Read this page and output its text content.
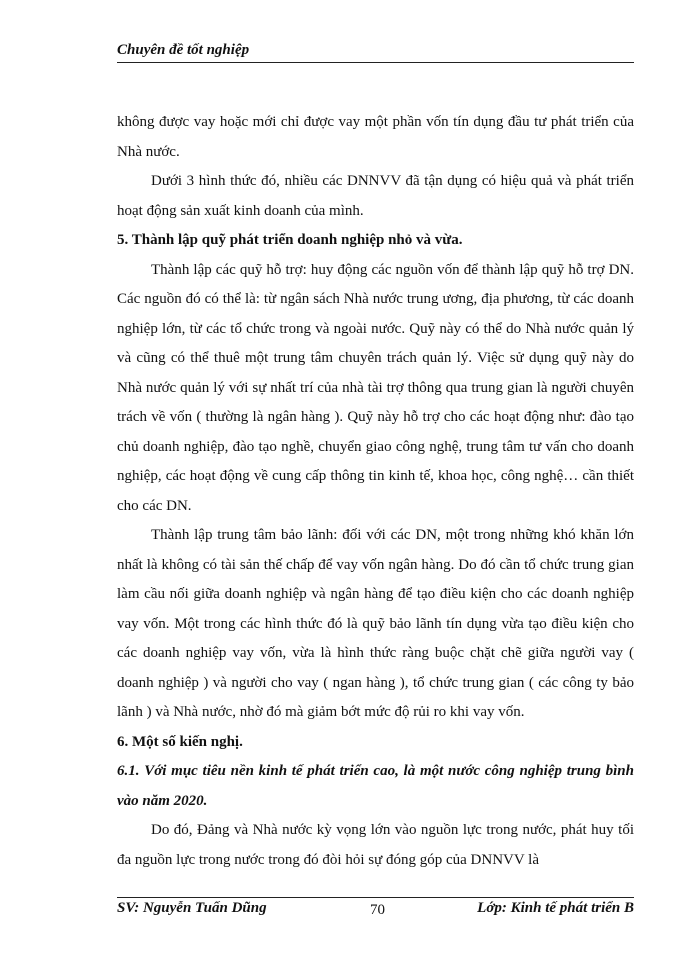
Chuyên đề tốt nghiệp

không được vay hoặc mới chỉ được vay một phần vốn tín dụng đầu tư phát triển của Nhà nước.

Dưới 3 hình thức đó, nhiều các DNNVV đã tận dụng có hiệu quả và phát triển hoạt động sản xuất kinh doanh của mình.

5. Thành lập quỹ phát triển doanh nghiệp nhỏ và vừa.

Thành lập các quỹ hỗ trợ: huy động các nguồn vốn để thành lập quỹ hỗ trợ DN. Các nguồn đó có thể là: từ ngân sách Nhà nước trung ương, địa phương, từ các doanh nghiệp lớn, từ các tổ chức trong và ngoài nước. Quỹ này có thể do Nhà nước quản lý và cũng có thể thuê một trung tâm chuyên trách quản lý. Việc sử dụng quỹ này do Nhà nước quản lý với sự nhất trí của nhà tài trợ thông qua trung gian là người chuyên trách về vốn ( thường là ngân hàng ). Quỹ này hỗ trợ cho các hoạt động như: đào tạo chủ doanh nghiệp, đào tạo nghề, chuyển giao công nghệ, trung tâm tư vấn cho doanh nghiệp, các hoạt động về cung cấp thông tin kinh tế, khoa học, công nghệ… cần thiết cho các DN.

Thành lập trung tâm bảo lãnh: đối với các DN, một trong những khó khăn lớn nhất là không có tài sản thế chấp để vay vốn ngân hàng. Do đó cần tổ chức trung gian làm cầu nối giữa doanh nghiệp và ngân hàng để tạo điều kiện cho các doanh nghiệp vay vốn. Một trong các hình thức đó là quỹ bảo lãnh tín dụng vừa tạo điều kiện cho các doanh nghiệp vay vốn, vừa là hình thức ràng buộc chặt chẽ giữa người vay ( doanh nghiệp ) và người cho vay ( ngan hàng ), tổ chức trung gian ( các công ty bảo lãnh ) và Nhà nước, nhờ đó mà giảm bớt mức độ rủi ro khi vay vốn.

6. Một số kiến nghị.

6.1. Với mục tiêu nền kinh tế phát triển cao, là một nước công nghiệp trung bình vào năm 2020.

Do đó, Đảng và Nhà nước kỳ vọng lớn vào nguồn lực trong nước, phát huy tối đa nguồn lực trong nước trong đó đòi hỏi sự đóng góp của DNNVV là

SV: Nguyễn Tuấn Dũng	70	Lớp: Kinh tế phát triển B
